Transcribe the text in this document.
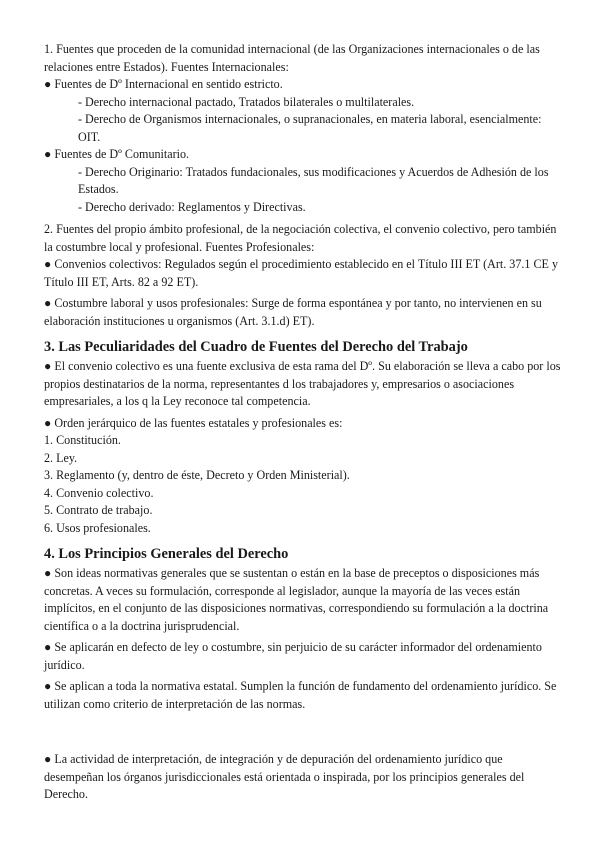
1. Fuentes que proceden de la comunidad internacional (de las Organizaciones internacionales o de las relaciones entre Estados). Fuentes Internacionales:

● Fuentes de Dº Internacional en sentido estricto.

- Derecho internacional pactado, Tratados bilaterales o multilaterales.

- Derecho de Organismos internacionales, o supranacionales, en materia laboral, esencialmente: OIT.

● Fuentes de Dº Comunitario.

- Derecho Originario: Tratados fundacionales, sus modificaciones y Acuerdos de Adhesión de los Estados.

- Derecho derivado: Reglamentos y Directivas.

2. Fuentes del propio ámbito profesional, de la negociación colectiva, el convenio colectivo, pero también la costumbre local y profesional. Fuentes Profesionales:

● Convenios colectivos: Regulados según el procedimiento establecido en el Título III ET (Art. 37.1 CE y Título III ET, Arts. 82 a 92 ET).

● Costumbre laboral y usos profesionales: Surge de forma espontánea y por tanto, no intervienen en su elaboración instituciones u organismos (Art. 3.1.d) ET).

3. Las Peculiaridades del Cuadro de Fuentes del Derecho del Trabajo

● El convenio colectivo es una fuente exclusiva de esta rama del Dº. Su elaboración se lleva a cabo por los propios destinatarios de la norma, representantes d los trabajadores y, empresarios o asociaciones empresariales, a los q la Ley reconoce tal competencia.

● Orden jerárquico de las fuentes estatales y profesionales es:

1. Constitución.

2. Ley.

3. Reglamento (y, dentro de éste, Decreto y Orden Ministerial).

4. Convenio colectivo.

5. Contrato de trabajo.

6. Usos profesionales.

4. Los Principios Generales del Derecho

● Son ideas normativas generales que se sustentan o están en la base de preceptos o disposiciones más concretas. A veces su formulación, corresponde al legislador, aunque la mayoría de las veces están implícitos, en el conjunto de las disposiciones normativas, correspondiendo su formulación a la doctrina científica o a la doctrina jurisprudencial.

● Se aplicarán en defecto de ley o costumbre, sin perjuicio de su carácter informador del ordenamiento jurídico.

● Se aplican a toda la normativa estatal. Sumplen la función de fundamento del ordenamiento jurídico. Se utilizan como criterio de interpretación de las normas.

● La actividad de interpretación, de integración y de depuración del ordenamiento jurídico que desempeñan los órganos jurisdiccionales está orientada o inspirada, por los principios generales del Derecho.
